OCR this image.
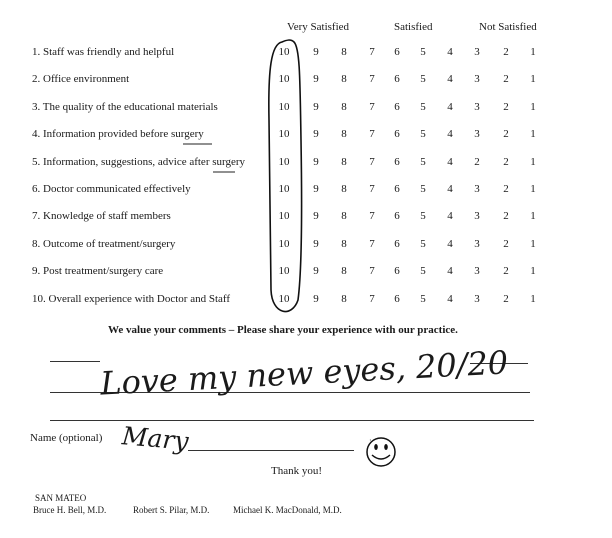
Very Satisfied	Satisfied	Not Satisfied
1. Staff was friendly and helpful	10	9	8	7	6	5	4	3	2	1
2. Office environment	10	9	8	7	6	5	4	3	2	1
3. The quality of the educational materials	10	9	8	7	6	5	4	3	2	1
4. Information provided before surgery	10	9	8	7	6	5	4	3	2	1
5. Information, suggestions, advice after surgery	10	9	8	7	6	5	4	2	2	1
6. Doctor communicated effectively	10	9	8	7	6	5	4	3	2	1
7. Knowledge of staff members	10	9	8	7	6	5	4	3	2	1
8. Outcome of treatment/surgery	10	9	8	7	6	5	4	3	2	1
9. Post treatment/surgery care	10	9	8	7	6	5	4	3	2	1
10. Overall experience with Doctor and Staff	10	9	8	7	6	5	4	3	2	1
We value your comments – Please share your experience with our practice.
Love my new eyes, 20/20
Name (optional) Mary	·
Thank you!
SAN MATEO
Bruce H. Bell, M.D.	Robert S. Pilar, M.D.	Michael K. MacDonald, M.D.
